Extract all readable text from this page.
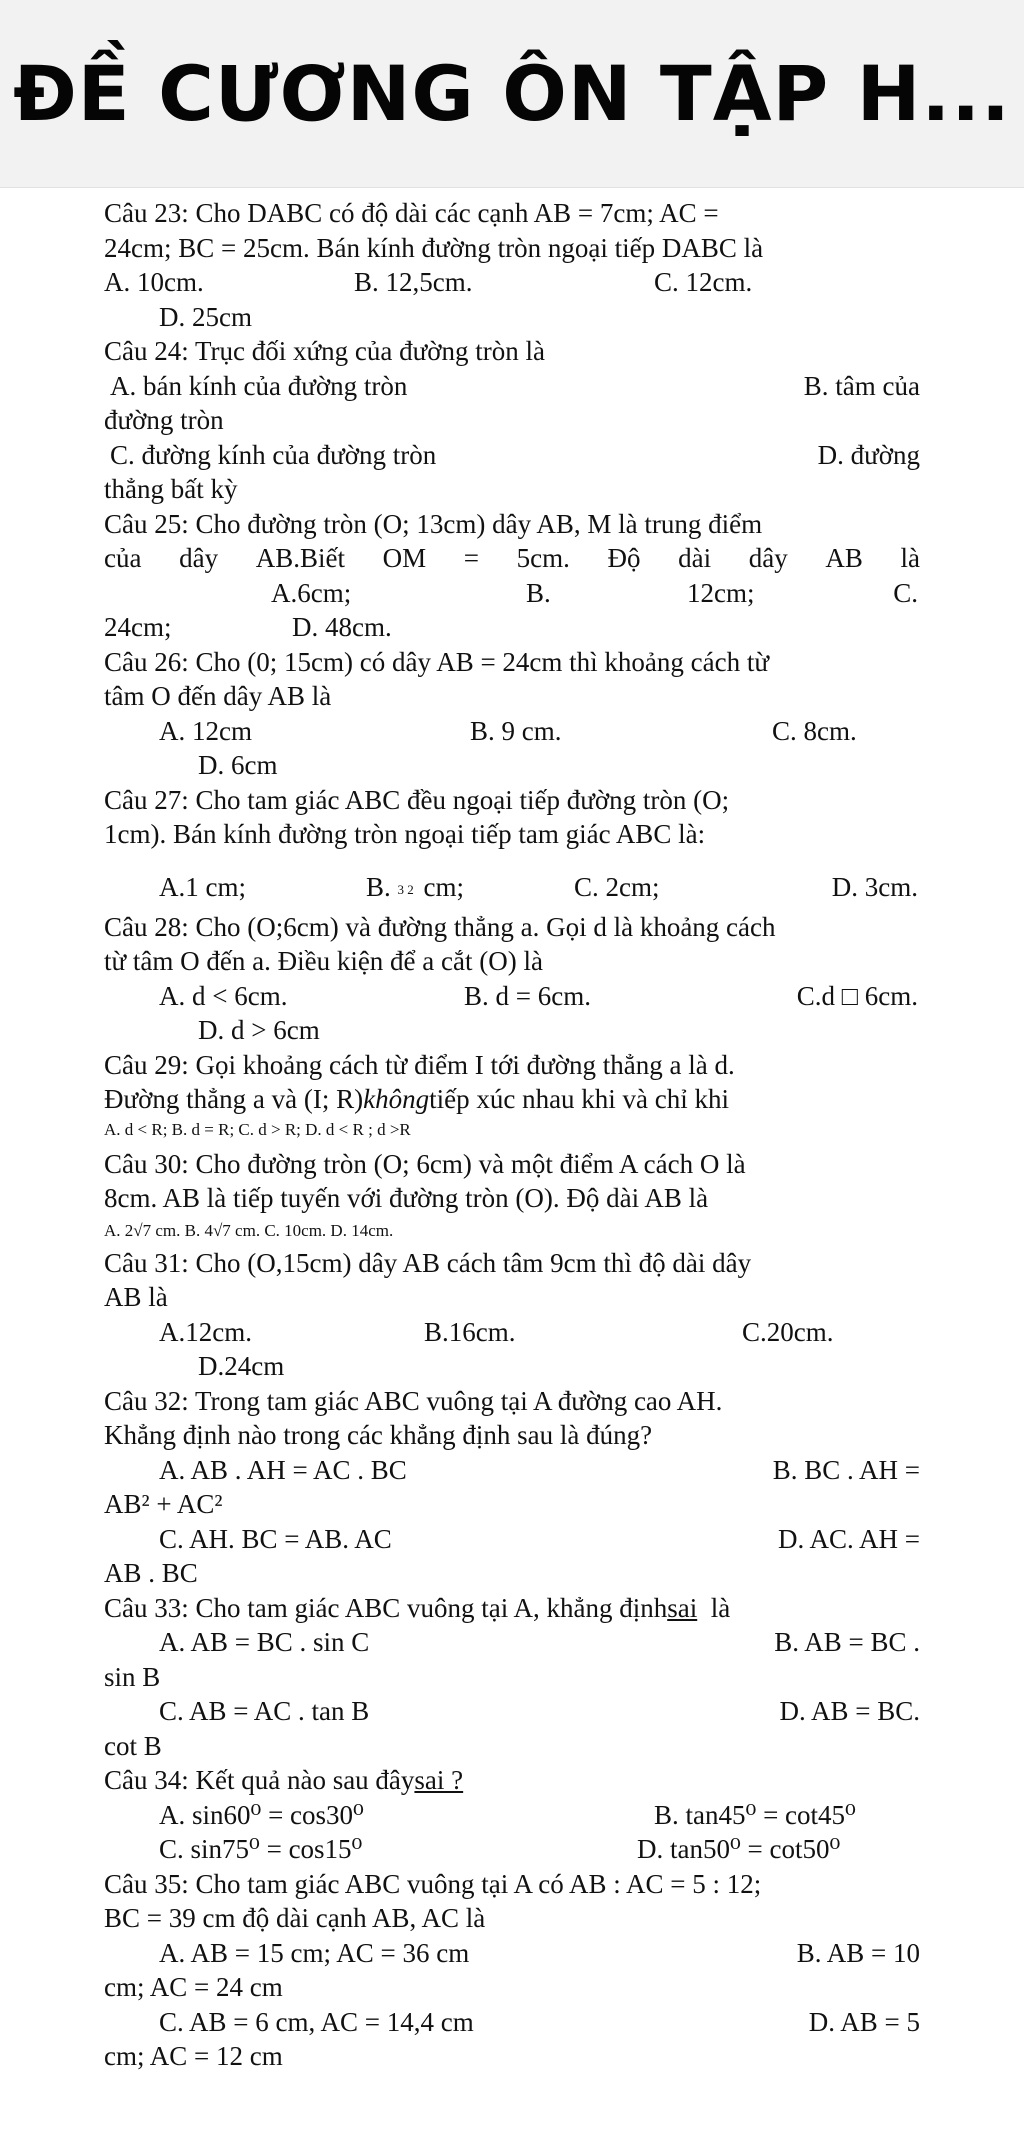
ĐỀ CƯƠNG ÔN TẬP H...
Câu 23: Cho DABC có độ dài các cạnh AB = 7cm; AC =
24cm; BC = 25cm. Bán kính đường tròn ngoại tiếp DABC là
A. 10cm.	B. 12,5cm.	C. 12cm.
D. 25cm
Câu 24: Trục đối xứng của đường tròn là
A. bán kính của đường tròn	B. tâm của
đường tròn
C. đường kính của đường tròn	D. đường
thẳng bất kỳ
Câu 25: Cho đường tròn (O; 13cm) dây AB, M là trung điểm
của dây AB.Biết OM = 5cm. Độ dài dây AB là
A.6cm;	B.	12cm;	C.
24cm;	D. 48cm.
Câu 26: Cho (0; 15cm) có dây AB = 24cm thì khoảng cách từ
tâm O đến dây AB là
A. 12cm	B. 9 cm.	C. 8cm.
D. 6cm
Câu 27: Cho tam giác ABC đều ngoại tiếp đường tròn (O;
1cm). Bán kính đường tròn ngoại tiếp tam giác ABC là:
A.1 cm;	B. 3 2 cm;	C. 2cm;	D. 3cm.
Câu 28: Cho (O;6cm) và đường thẳng a. Gọi d là khoảng cách
từ tâm O đến a. Điều kiện để a cắt (O) là
A. d < 6cm.	B. d = 6cm.	C.d □ 6cm.
D. d > 6cm
Câu 29: Gọi khoảng cách từ điểm I tới đường thẳng a là d.
Đường thẳng a và (I; R)khôngtiếp xúc nhau khi và chỉ khi
A. d < R; B. d = R; C. d > R; D. d < R ; d >R
Câu 30: Cho đường tròn (O; 6cm) và một điểm A cách O là
8cm. AB là tiếp tuyến với đường tròn (O). Độ dài AB là
A. 2√7 cm. B. 4√7 cm. C. 10cm. D. 14cm.
Câu 31: Cho (O,15cm) dây AB cách tâm 9cm thì độ dài dây
AB là
A.12cm.	B.16cm.	C.20cm.
D.24cm
Câu 32: Trong tam giác ABC vuông tại A đường cao AH.
Khẳng định nào trong các khẳng định sau là đúng?
A. AB . AH = AC . BC	B. BC . AH =
AB² + AC²
C. AH. BC = AB. AC	D. AC. AH =
AB . BC
Câu 33: Cho tam giác ABC vuông tại A, khẳng địnhsai  là
A. AB = BC . sin C	B. AB = BC .
sin B
C. AB = AC . tan B	D. AB = BC.
cot B
Câu 34: Kết quả nào sau đâysai ?
A. sin60⁰ = cos30⁰	B. tan45⁰ = cot45⁰
C. sin75⁰ = cos15⁰	D. tan50⁰ = cot50⁰
Câu 35: Cho tam giác ABC vuông tại A có AB : AC = 5 : 12;
BC = 39 cm độ dài cạnh AB, AC là
A. AB = 15 cm; AC = 36 cm	B. AB = 10
cm; AC = 24 cm
C. AB = 6 cm, AC = 14,4 cm	D. AB = 5
cm; AC = 12 cm
